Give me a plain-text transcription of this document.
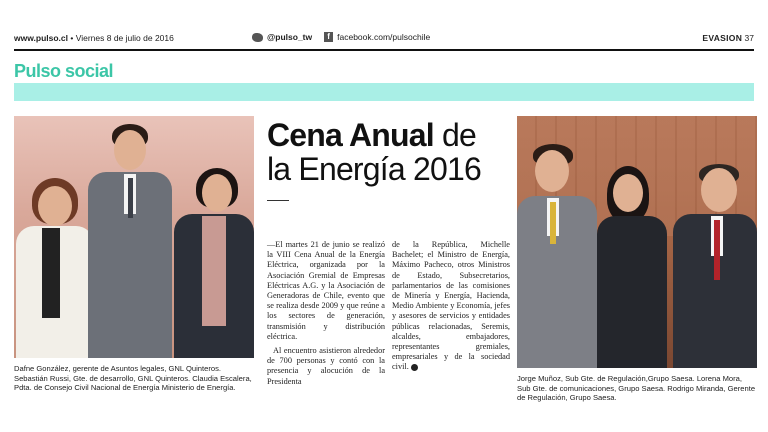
www.pulso.cl • Viernes 8 de julio de 2016	@pulso_tw	f facebook.com/pulsochile	EVASION 37
Pulso social
Dafne González, gerente de Asuntos legales, GNL Quinteros. Sebastián Russi, Gte. de desarrollo, GNL Quinteros. Claudia Escalera, Pdta. de Consejo Civil Nacional de Energía Ministerio de Energía.
Cena Anual de
la Energía 2016

—El martes 21 de junio se realizó la VIII Cena Anual de la Energía Eléctrica, organizada por la Asociación Gremial de Empresas Eléctricas A.G. y la Asociación de Generadoras de Chile, evento que se realiza desde 2009 y que reúne a los sectores de generación, transmisión y distribución eléctrica.

Al encuentro asistieron alrededor de 700 personas y contó con la presencia y alocución de la Presidenta

de la República, Michelle Bachelet; el Ministro de Energía, Máximo Pacheco, otros Ministros de Estado, Subsecretarios, parlamentarios de las comisiones de Minería y Energía, Hacienda, Medio Ambiente y Economía, jefes y asesores de servicios y entidades públicas relacionadas, Seremis, alcaldes, embajadores, representantes gremiales, empresariales y de la sociedad civil.

Jorge Muñoz, Sub Gte. de Regulación,Grupo Saesa. Lorena Mora, Sub Gte. de comunicaciones, Grupo Saesa. Rodrigo Miranda, Gerente de Regulación, Grupo Saesa.
